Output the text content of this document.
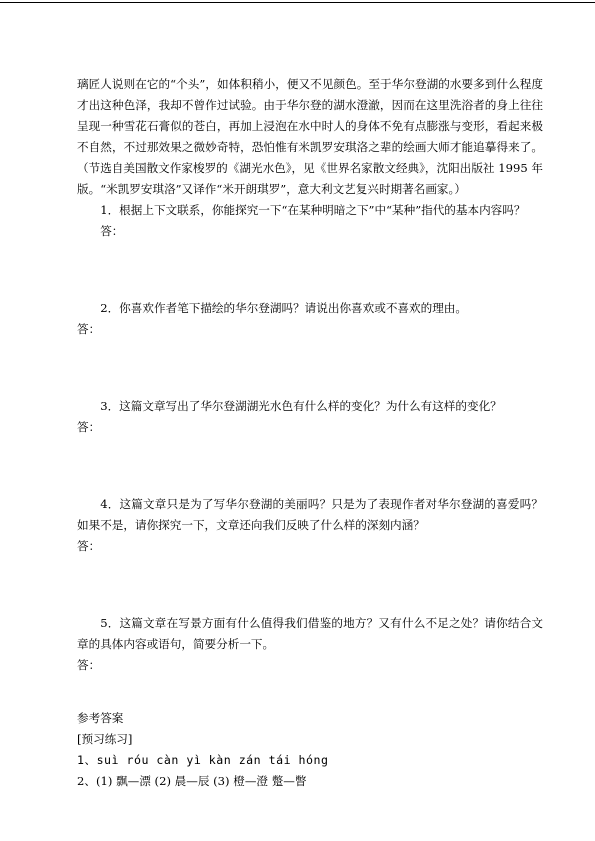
璃匠人说则在它的“个头”，如体积稍小，便又不见颜色。至于华尔登湖的水要多到什么程度才出这种色泽，我却不曾作过试验。由于华尔登的湖水澄澈，因而在这里洗浴者的身上往往呈现一种雪花石膏似的苍白，再加上浸泡在水中时人的身体不免有点膨涨与变形，看起来极不自然，不过那效果之微妙奇特，恐怕惟有米凯罗安琪洛之辈的绘画大师才能追摹得来了。（节选自美国散文作家梭罗的《湖光水色》，见《世界名家散文经典》，沈阳出版社 1995 年版。“米凯罗安琪洛”又译作“米开朗琪罗”，意大利文艺复兴时期著名画家。）

1．根据上下文联系，你能探究一下“在某种明暗之下”中“某种”指代的基本内容吗？

答：

2．你喜欢作者笔下描绘的华尔登湖吗？请说出你喜欢或不喜欢的理由。

答：

3．这篇文章写出了华尔登湖湖光水色有什么样的变化？为什么有这样的变化？

答：

4．这篇文章只是为了写华尔登湖的美丽吗？只是为了表现作者对华尔登湖的喜爱吗？如果不是，请你探究一下，文章还向我们反映了什么样的深刻内涵？

答：

5．这篇文章在写景方面有什么值得我们借鉴的地方？又有什么不足之处？请你结合文章的具体内容或语句，简要分析一下。

答：

参考答案

[预习练习]

1、suì róu càn yì kàn zán tái hóng

2、(1) 飘—漂 (2) 晨—辰 (3) 橙—澄 蹩—瞥
